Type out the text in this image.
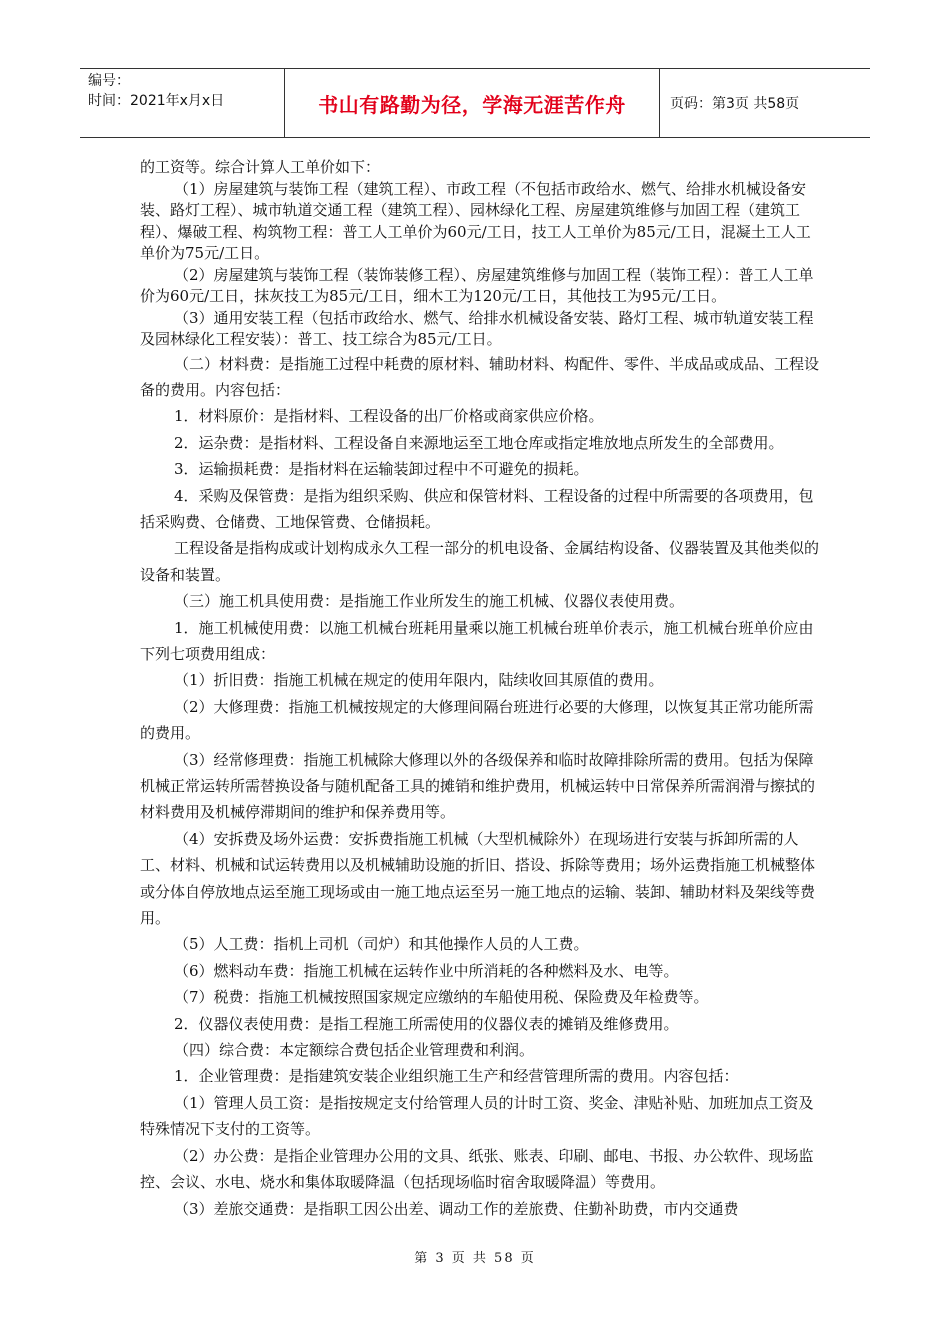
编号：
时间：2021年x月x日	书山有路勤为径，学海无涯苦作舟	页码：第3页 共58页

的工资等。综合计算人工单价如下：

（1）房屋建筑与装饰工程（建筑工程）、市政工程（不包括市政给水、燃气、给排水机械设备安装、路灯工程）、城市轨道交通工程（建筑工程）、园林绿化工程、房屋建筑维修与加固工程（建筑工程）、爆破工程、构筑物工程：普工人工单价为60元/工日，技工人工单价为85元/工日，混凝土工人工单价为75元/工日。

（2）房屋建筑与装饰工程（装饰装修工程）、房屋建筑维修与加固工程（装饰工程）：普工人工单价为60元/工日，抹灰技工为85元/工日，细木工为120元/工日，其他技工为95元/工日。

（3）通用安装工程（包括市政给水、燃气、给排水机械设备安装、路灯工程、城市轨道安装工程及园林绿化工程安装）：普工、技工综合为85元/工日。

（二）材料费：是指施工过程中耗费的原材料、辅助材料、构配件、零件、半成品或成品、工程设备的费用。内容包括：

1．材料原价：是指材料、工程设备的出厂价格或商家供应价格。

2．运杂费：是指材料、工程设备自来源地运至工地仓库或指定堆放地点所发生的全部费用。

3．运输损耗费：是指材料在运输装卸过程中不可避免的损耗。

4．采购及保管费：是指为组织采购、供应和保管材料、工程设备的过程中所需要的各项费用，包括采购费、仓储费、工地保管费、仓储损耗。

工程设备是指构成或计划构成永久工程一部分的机电设备、金属结构设备、仪器装置及其他类似的设备和装置。

（三）施工机具使用费：是指施工作业所发生的施工机械、仪器仪表使用费。

1．施工机械使用费：以施工机械台班耗用量乘以施工机械台班单价表示，施工机械台班单价应由下列七项费用组成：

（1）折旧费：指施工机械在规定的使用年限内，陆续收回其原值的费用。

（2）大修理费：指施工机械按规定的大修理间隔台班进行必要的大修理，以恢复其正常功能所需的费用。

（3）经常修理费：指施工机械除大修理以外的各级保养和临时故障排除所需的费用。包括为保障机械正常运转所需替换设备与随机配备工具的摊销和维护费用，机械运转中日常保养所需润滑与擦拭的材料费用及机械停滞期间的维护和保养费用等。

（4）安拆费及场外运费：安拆费指施工机械（大型机械除外）在现场进行安装与拆卸所需的人工、材料、机械和试运转费用以及机械辅助设施的折旧、搭设、拆除等费用；场外运费指施工机械整体或分体自停放地点运至施工现场或由一施工地点运至另一施工地点的运输、装卸、辅助材料及架线等费用。

（5）人工费：指机上司机（司炉）和其他操作人员的人工费。

（6）燃料动车费：指施工机械在运转作业中所消耗的各种燃料及水、电等。

（7）税费：指施工机械按照国家规定应缴纳的车船使用税、保险费及年检费等。

2．仪器仪表使用费：是指工程施工所需使用的仪器仪表的摊销及维修费用。

（四）综合费：本定额综合费包括企业管理费和利润。

1．企业管理费：是指建筑安装企业组织施工生产和经营管理所需的费用。内容包括：

（1）管理人员工资：是指按规定支付给管理人员的计时工资、奖金、津贴补贴、加班加点工资及特殊情况下支付的工资等。

（2）办公费：是指企业管理办公用的文具、纸张、账表、印刷、邮电、书报、办公软件、现场监控、会议、水电、烧水和集体取暖降温（包括现场临时宿舍取暖降温）等费用。

（3）差旅交通费：是指职工因公出差、调动工作的差旅费、住勤补助费，市内交通费

第 3 页 共 58 页
